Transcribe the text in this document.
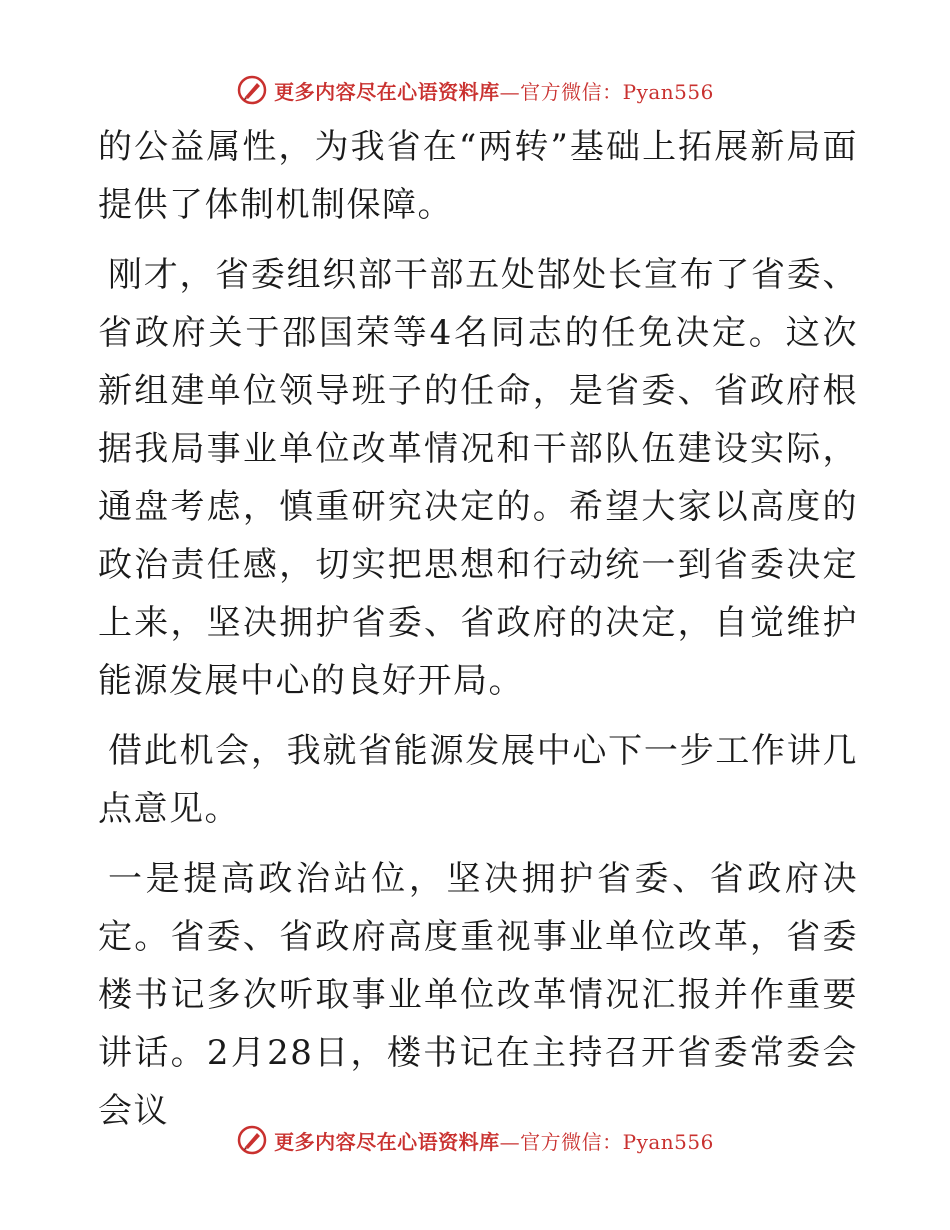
更多内容尽在心语资料库—官方微信：Pyan556

的公益属性，为我省在“两转”基础上拓展新局面提供了体制机制保障。

刚才，省委组织部干部五处郜处长宣布了省委、省政府关于邵国荣等4名同志的任免决定。这次新组建单位领导班子的任命，是省委、省政府根据我局事业单位改革情况和干部队伍建设实际，通盘考虑，慎重研究决定的。希望大家以高度的政治责任感，切实把思想和行动统一到省委决定上来，坚决拥护省委、省政府的决定，自觉维护能源发展中心的良好开局。

借此机会，我就省能源发展中心下一步工作讲几点意见。

一是提高政治站位，坚决拥护省委、省政府决定。省委、省政府高度重视事业单位改革，省委楼书记多次听取事业单位改革情况汇报并作重要讲话。2月28日，楼书记在主持召开省委常委会会议

更多内容尽在心语资料库—官方微信：Pyan556
